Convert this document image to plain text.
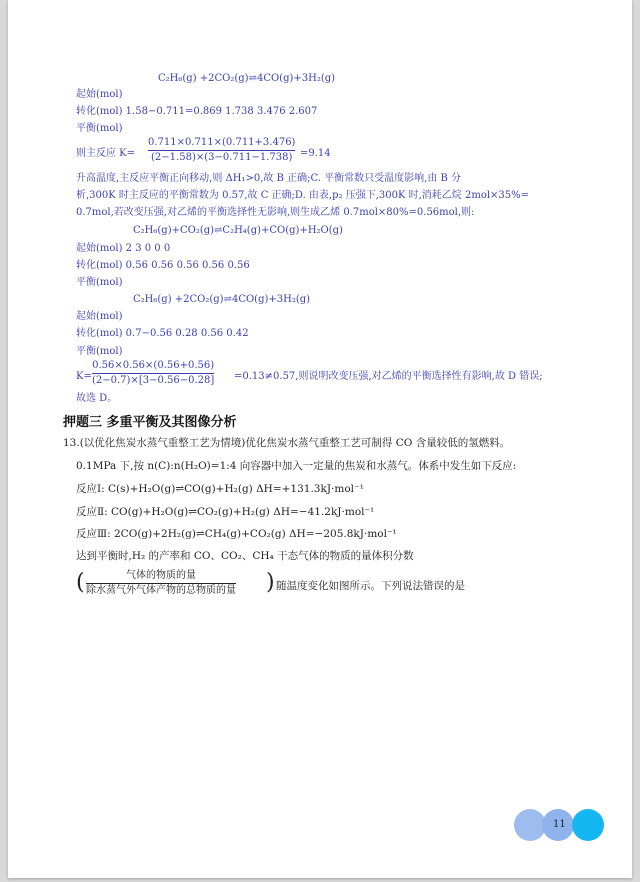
C₂H₆(g) +2CO₂(g)⇌4CO(g)+3H₂(g)
起始(mol)
转化(mol) 1.58−0.711=0.869 1.738 3.476 2.607
平衡(mol)
则主反应 K=
0.711×0.711×(0.711+3.476)
(2−1.58)×(3−0.711−1.738) =9.14
升高温度,主反应平衡正向移动,则 ΔH₁>0,故 B 正确;C. 平衡常数只受温度影响,由 B 分
析,300K 时主反应的平衡常数为 0.57,故 C 正确;D. 由表,p₂ 压强下,300K 时,消耗乙烷 2mol×35%=
0.7mol,若改变压强,对乙烯的平衡选择性无影响,则生成乙烯 0.7mol×80%=0.56mol,则:
C₂H₆(g)+CO₂(g)⇌C₂H₄(g)+CO(g)+H₂O(g)
起始(mol) 2 3 0 0 0
转化(mol) 0.56 0.56 0.56 0.56 0.56
平衡(mol)
C₂H₆(g) +2CO₂(g)⇌4CO(g)+3H₂(g)
起始(mol)
转化(mol) 0.7−0.56 0.28 0.56 0.42
平衡(mol)
K=
0.56×0.56×(0.56+0.56)
(2−0.7)×[3−0.56−0.28] =0.13≠0.57,则说明改变压强,对乙烯的平衡选择性有影响,故 D 错误;
故选 D。
押题三 多重平衡及其图像分析
13.(以优化焦炭水蒸气重整工艺为情境)优化焦炭水蒸气重整工艺可制得 CO 含量较低的氢燃料。
0.1MPa 下,按 n(C):n(H₂O)=1:4 向容器中加入一定量的焦炭和水蒸气。体系中发生如下反应:
反应Ⅰ: C(s)+H₂O(g)⇌CO(g)+H₂(g) ΔH=+131.3kJ·mol⁻¹
反应Ⅱ: CO(g)+H₂O(g)⇌CO₂(g)+H₂(g) ΔH=−41.2kJ·mol⁻¹
反应Ⅲ: 2CO(g)+2H₂(g)⇌CH₄(g)+CO₂(g) ΔH=−205.8kJ·mol⁻¹
达到平衡时,H₂ 的产率和 CO、CO₂、CH₄ 干态气体的物质的量体积分数
(	气体的物质的量
除水蒸气外气体产物的总物质的量 ) 随温度变化如图所示。下列说法错误的是
11
